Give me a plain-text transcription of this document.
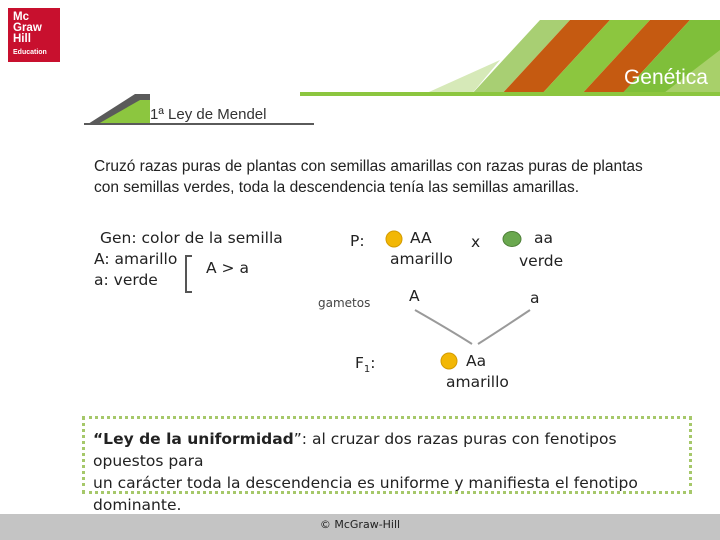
Genética
Mc
Graw
Hill
Education
1ª Ley de Mendel
Cruzó razas puras de plantas con semillas amarillas con razas puras de plantas
con semillas verdes, toda la descendencia tenía las semillas amarillas.
Gen: color de la semilla
A: amarillo
a: verde
A > a
P:	AA
amarillo
x	aa
verde
gametos A	a
$F_1$:	Aa
amarillo
“Ley de la uniformidad”: al cruzar dos razas puras con fenotipos opuestos para
un carácter toda la descendencia es uniforme y manifiesta el fenotipo dominante.
© McGraw-Hill
